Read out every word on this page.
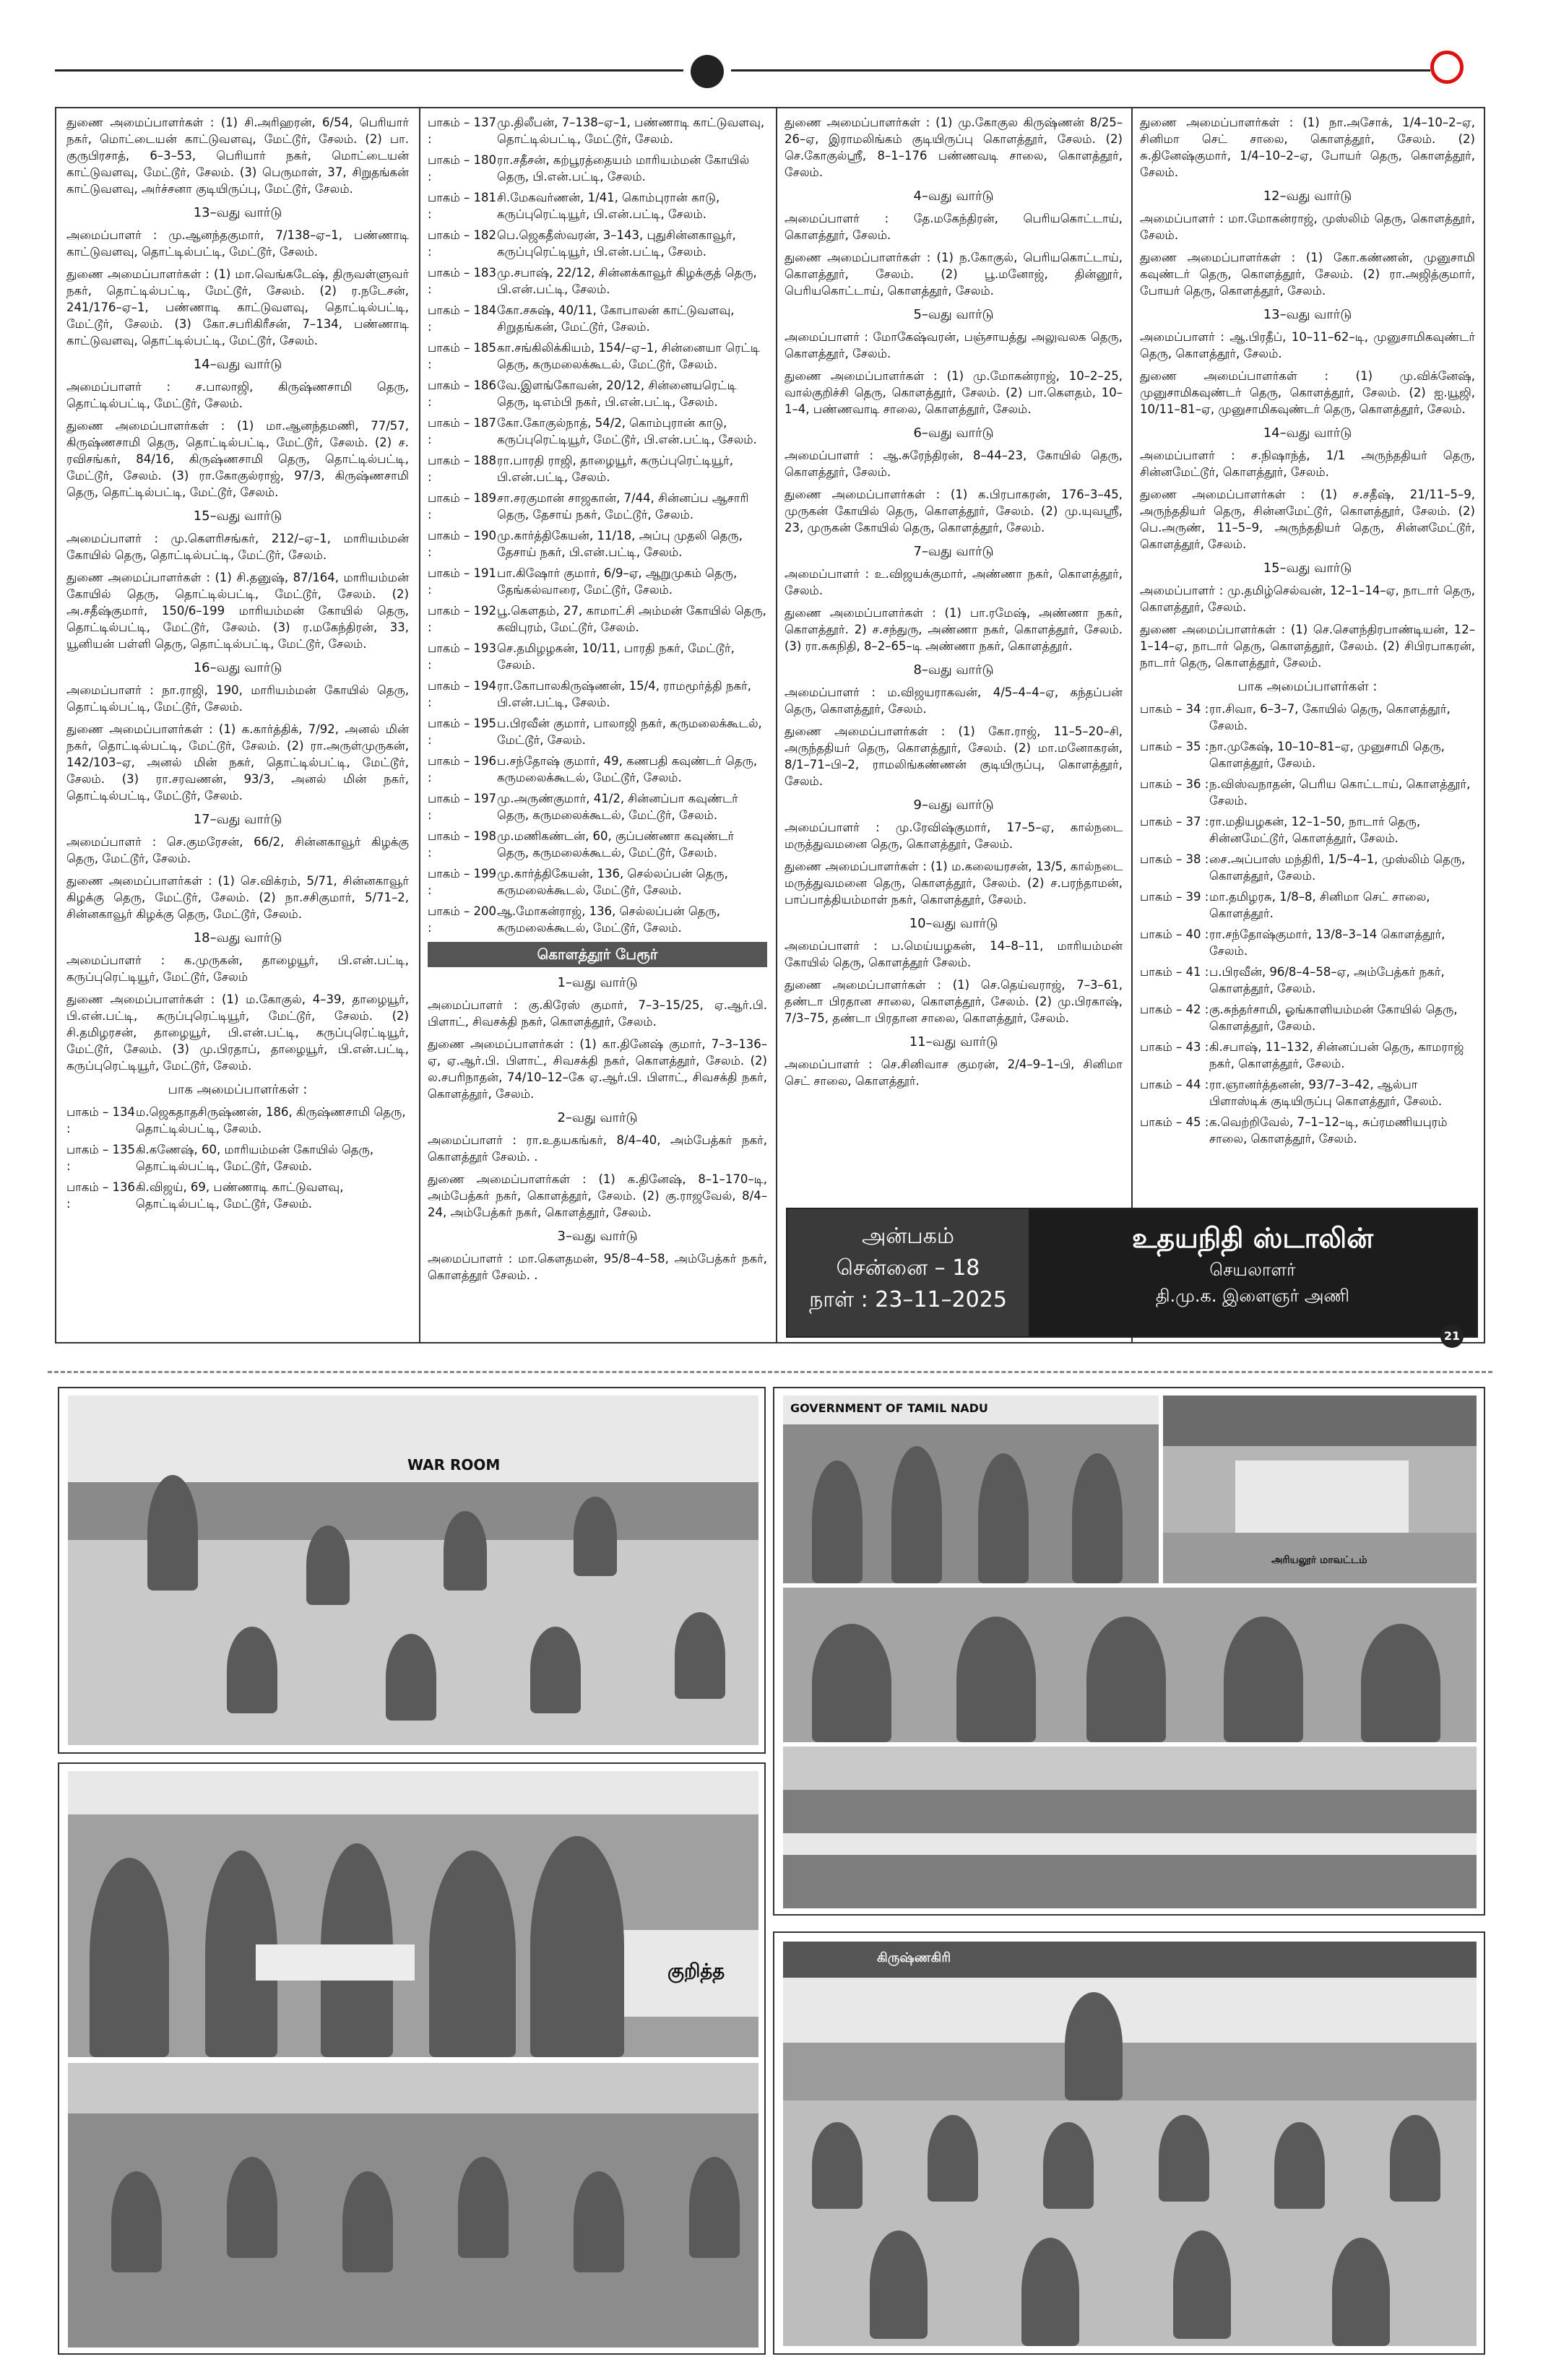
துணை அமைப்பாளர்கள் : (1) சி.அரிஹரன், 6/54, பெரியார் நகர், மொட்டையன் காட்டுவளவு, மேட்டூர், சேலம். (2) பா. குருபிரசாத், 6–3–53, பெரியார் நகர், மொட்டையன் காட்டுவளவு, மேட்டூர், சேலம். (3) பெருமாள், 37, சிறுதங்கன் காட்டுவளவு, அர்ச்சனா குடியிருப்பு, மேட்டூர், சேலம்.

13–வது வார்டு

அமைப்பாளர் : மு.ஆனந்தகுமார், 7/138–ஏ–1, பண்ணாடி காட்டுவளவு, தொட்டில்பட்டி, மேட்டூர், சேலம்.

துணை அமைப்பாளர்கள் : (1) மா.வெங்கடேஷ், திருவள்ளுவர் நகர், தொட்டில்பட்டி, மேட்டூர், சேலம். (2) ர.நடேசன், 241/176–ஏ–1, பண்ணாடி காட்டுவளவு, தொட்டில்பட்டி, மேட்டூர், சேலம். (3) கோ.சபரிகிரீசன், 7–134, பண்ணாடி காட்டுவளவு, தொட்டில்பட்டி, மேட்டூர், சேலம்.

14–வது வார்டு

அமைப்பாளர் : ச.பாலாஜி, கிருஷ்ணசாமி தெரு, தொட்டில்பட்டி, மேட்டூர், சேலம்.

துணை அமைப்பாளர்கள் : (1) மா.ஆனந்தமணி, 77/57, கிருஷ்ணசாமி தெரு, தொட்டில்பட்டி, மேட்டூர், சேலம். (2) ச. ரவிசங்கர், 84/16, கிருஷ்ணசாமி தெரு, தொட்டில்பட்டி, மேட்டூர், சேலம். (3) ரா.கோகுல்ராஜ், 97/3, கிருஷ்ணசாமி தெரு, தொட்டில்பட்டி, மேட்டூர், சேலம்.

15–வது வார்டு

அமைப்பாளர் : மு.கௌரிசங்கர், 212/–ஏ–1, மாரியம்மன் கோயில் தெரு, தொட்டில்பட்டி, மேட்டூர், சேலம்.

துணை அமைப்பாளர்கள் : (1) சி.தனுஷ், 87/164, மாரியம்மன் கோயில் தெரு, தொட்டில்பட்டி, மேட்டூர், சேலம். (2) அ.சதீஷ்குமார், 150/6–199 மாரியம்மன் கோயில் தெரு, தொட்டில்பட்டி, மேட்டூர், சேலம். (3) ர.மகேந்திரன், 33, யூனியன் பள்ளி தெரு, தொட்டில்பட்டி, மேட்டூர், சேலம்.

16–வது வார்டு

அமைப்பாளர் : நா.ராஜி, 190, மாரியம்மன் கோயில் தெரு, தொட்டில்பட்டி, மேட்டூர், சேலம்.

துணை அமைப்பாளர்கள் : (1) க.கார்த்திக், 7/92, அனல் மின் நகர், தொட்டில்பட்டி, மேட்டூர், சேலம். (2) ரா.அருள்முருகன், 142/103–ஏ, அனல் மின் நகர், தொட்டில்பட்டி, மேட்டூர், சேலம். (3) ரா.சரவணன், 93/3, அனல் மின் நகர், தொட்டில்பட்டி, மேட்டூர், சேலம்.

17–வது வார்டு

அமைப்பாளர் : செ.குமரேசன், 66/2, சின்னகாவூர் கிழக்கு தெரு, மேட்டூர், சேலம்.

துணை அமைப்பாளர்கள் : (1) செ.விக்ரம், 5/71, சின்னகாவூர் கிழக்கு தெரு, மேட்டூர், சேலம். (2) நா.சசிகுமார், 5/71–2, சின்னகாவூர் கிழக்கு தெரு, மேட்டூர், சேலம்.

18–வது வார்டு

அமைப்பாளர் : க.முருகன், தாழையூர், பி.என்.பட்டி, கருப்புரெட்டியூர், மேட்டூர், சேலம்

துணை அமைப்பாளர்கள் : (1) ம.கோகுல், 4–39, தாழையூர், பி.என்.பட்டி, கருப்புரெட்டியூர், மேட்டூர், சேலம். (2) சி.தமிழரசன், தாழையூர், பி.என்.பட்டி, கருப்புரெட்டியூர், மேட்டூர், சேலம். (3) மு.பிரதாப், தாழையூர், பி.என்.பட்டி, கருப்புரெட்டியூர், மேட்டூர், சேலம்.

பாக அமைப்பாளர்கள் :
பாகம் – 134 :
ம.ஜெகதாதசிருஷ்ணன், 186, கிருஷ்ணசாமி தெரு, தொட்டில்பட்டி, சேலம்.
பாகம் – 135 :
கி.கணேஷ், 60, மாரியம்மன் கோயில் தெரு, தொட்டில்பட்டி, மேட்டூர், சேலம்.
பாகம் – 136 :
கி.விஜய், 69, பண்ணாடி காட்டுவளவு, தொட்டில்பட்டி, மேட்டூர், சேலம்.
பாகம் – 137 :
மு.திலீபன், 7–138–ஏ–1, பண்ணாடி காட்டுவளவு, தொட்டில்பட்டி, மேட்டூர், சேலம்.
பாகம் – 180 :
ரா.சதீசன், கற்பூரத்தையம் மாரியம்மன் கோயில் தெரு, பி.என்.பட்டி, சேலம்.
பாகம் – 181 :
சி.மேகவர்ணன், 1/41, கொம்புரான் காடு, கருப்புரெட்டியூர், பி.என்.பட்டி, சேலம்.
பாகம் – 182 :
பெ.ஜெகதீஸ்வரன், 3–143, புதுசின்னகாவூர், கருப்புரெட்டியூர், பி.என்.பட்டி, சேலம்.
பாகம் – 183 :
மு.சபாஷ், 22/12, சின்னக்காவூர் கிழக்குத் தெரு, பி.என்.பட்டி, சேலம்.
பாகம் – 184 :
கோ.சசுஷ், 40/11, கோபாலன் காட்டுவளவு, சிறுதங்கன், மேட்டூர், சேலம்.
பாகம் – 185 :
கா.சங்கிலிக்கியம், 154/–ஏ–1, சின்னையா ரெட்டி தெரு, கருமலைக்கூடல், மேட்டூர், சேலம்.
பாகம் – 186 :
வே.இளங்கோவன், 20/12, சின்னையரெட்டி தெரு, டிஎம்பி நகர், பி.என்.பட்டி, சேலம்.
பாகம் – 187 :
கோ.கோகுல்நாத், 54/2, கொம்புரான் காடு, கருப்புரெட்டியூர், மேட்டூர், பி.என்.பட்டி, சேலம்.
பாகம் – 188 :
ரா.பாரதி ராஜி, தாழையூர், கருப்புரெட்டியூர், பி.என்.பட்டி, சேலம்.
பாகம் – 189 :
சா.சரகுமான் சாஜகான், 7/44, சின்னப்ப ஆசாரி தெரு, தேசாய் நகர், மேட்டூர், சேலம்.
பாகம் – 190 :
மு.கார்த்திகேயன், 11/18, அப்பு முதலி தெரு, தேசாய் நகர், பி.என்.பட்டி, சேலம்.
பாகம் – 191 :
பா.கிஷோர் குமார், 6/9–ஏ, ஆறுமுகம் தெரு, தேங்கல்வாரை, மேட்டூர், சேலம்.
பாகம் – 192 :
பூ.கௌதம், 27, காமாட்சி அம்மன் கோயில் தெரு, கவிபுரம், மேட்டூர், சேலம்.
பாகம் – 193 :
செ.தமிழழகன், 10/11, பாரதி நகர், மேட்டூர், சேலம்.
பாகம் – 194 :
ரா.கோபாலகிருஷ்ணன், 15/4, ராமமூர்த்தி நகர், பி.என்.பட்டி, சேலம்.
பாகம் – 195 :
ப.பிரவீன் குமார், பாலாஜி நகர், கருமலைக்கூடல், மேட்டூர், சேலம்.
பாகம் – 196 :
ப.சந்தோஷ் குமார், 49, கணபதி கவுண்டர் தெரு, கருமலைக்கூடல், மேட்டூர், சேலம்.
பாகம் – 197 :
மு.அருண்குமார், 41/2, சின்னப்பா கவுண்டர் தெரு, கருமலைக்கூடல், மேட்டூர், சேலம்.
பாகம் – 198 :
மு.மணிகண்டன், 60, குப்பண்ணா கவுண்டர் தெரு, கருமலைக்கூடல், மேட்டூர், சேலம்.
பாகம் – 199 :
மு.கார்த்திகேயன், 136, செல்லப்பன் தெரு, கருமலைக்கூடல், மேட்டூர், சேலம்.
பாகம் – 200 :
ஆ.மோகன்ராஜ், 136, செல்லப்பன் தெரு, கருமலைக்கூடல், மேட்டூர், சேலம்.
கொளத்தூர் பேரூர்
1–வது வார்டு

அமைப்பாளர் : கு.கிரேஸ் குமார், 7–3–15/25, ஏ.ஆர்.பி. பிளாட், சிவசக்தி நகர், கொளத்தூர், சேலம்.

துணை அமைப்பாளர்கள் : (1) கா.தினேஷ் குமார், 7–3–136–ஏ, ஏ.ஆர்.பி. பிளாட், சிவசக்தி நகர், கொளத்தூர், சேலம். (2) ல.சபரிநாதன், 74/10–12–கே ஏ.ஆர்.பி. பிளாட், சிவசக்தி நகர், கொளத்தூர், சேலம்.

2–வது வார்டு

அமைப்பாளர் : ரா.உதயகங்கர், 8/4–40, அம்பேத்கர் நகர், கொளத்தூர் சேலம். .

துணை அமைப்பாளர்கள் : (1) க.தினேஷ், 8–1–170–டி, அம்பேத்கர் நகர், கொளத்தூர், சேலம். (2) கு.ராஜவேல், 8/4–24, அம்பேத்கர் நகர், கொளத்தூர், சேலம்.

3–வது வார்டு

அமைப்பாளர் : மா.கௌதமன், 95/8–4–58, அம்பேத்கர் நகர், கொளத்தூர் சேலம். .

துணை அமைப்பாளர்கள் : (1) மு.கோகுல கிருஷ்ணன் 8/25–26–ஏ, இராமலிங்கம் குடியிருப்பு கொளத்தூர், சேலம். (2) செ.கோகுல்ஸ்ரீ, 8–1–176 பண்ணவடி சாலை, கொளத்தூர், சேலம்.

4–வது வார்டு

அமைப்பாளர் : தே.மகேந்திரன், பெரியகொட்டாய், கொளத்தூர், சேலம்.

துணை அமைப்பாளர்கள் : (1) ந.கோகுல், பெரியகொட்டாய், கொளத்தூர், சேலம். (2) பூ.மனோஜ், தின்னூர், பெரியகொட்டாய், கொளத்தூர், சேலம்.

5–வது வார்டு

அமைப்பாளர் : மோகேஷ்வரன், பஞ்சாயத்து அலுவலக தெரு, கொளத்தூர், சேலம்.

துணை அமைப்பாளர்கள் : (1) மு.மோகன்ராஜ், 10–2–25, வால்குறிச்சி தெரு, கொளத்தூர், சேலம். (2) பா.கௌதம், 10–1–4, பண்ணவாடி சாலை, கொளத்தூர், சேலம்.

6–வது வார்டு

அமைப்பாளர் : ஆ.சுரேந்திரன், 8–44–23, கோயில் தெரு, கொளத்தூர், சேலம்.

துணை அமைப்பாளர்கள் : (1) க.பிரபாகரன், 176–3–45, முருகன் கோயில் தெரு, கொளத்தூர், சேலம். (2) மு.யுவஸ்ரீ, 23, முருகன் கோயில் தெரு, கொளத்தூர், சேலம்.

7–வது வார்டு

அமைப்பாளர் : உ.விஜயக்குமார், அண்ணா நகர், கொளத்தூர், சேலம்.

துணை அமைப்பாளர்கள் : (1) பா.ரமேஷ், அண்ணா நகர், கொளத்தூர். 2) ச.சந்துரு, அண்ணா நகர், கொளத்தூர், சேலம். (3) ரா.சுகநிதி, 8–2–65–டி அண்ணா நகர், கொளத்தூர்.

8–வது வார்டு

அமைப்பாளர் : ம.விஜயராகவன், 4/5–4–4–ஏ, கந்தப்பன் தெரு, கொளத்தூர், சேலம்.

துணை அமைப்பாளர்கள் : (1) கோ.ராஜ், 11–5–20–சி, அருந்ததியர் தெரு, கொளத்தூர், சேலம். (2) மா.மனோகரன், 8/1–71–பி–2, ராமலிங்கண்ணன் குடியிருப்பு, கொளத்தூர், சேலம்.

9–வது வார்டு

அமைப்பாளர் : மு.ரேவிஷ்குமார், 17–5–ஏ, கால்நடை மருத்துவமனை தெரு, கொளத்தூர், சேலம்.

துணை அமைப்பாளர்கள் : (1) ம.கலையரசன், 13/5, கால்நடை மருத்துவமனை தெரு, கொளத்தூர், சேலம். (2) ச.பரந்தாமன், பாப்பாத்தியம்மாள் நகர், கொளத்தூர், சேலம்.

10–வது வார்டு

அமைப்பாளர் : ப.மெய்யழகன், 14–8–11, மாரியம்மன் கோயில் தெரு, கொளத்தூர் சேலம்.

துணை அமைப்பாளர்கள் : (1) செ.தெய்வராஜ், 7–3–61, தண்டா பிரதான சாலை, கொளத்தூர், சேலம். (2) மு.பிரகாஷ், 7/3–75, தண்டா பிரதான சாலை, கொளத்தூர், சேலம்.

11–வது வார்டு

அமைப்பாளர் : செ.சினிவாச குமரன், 2/4–9–1–பி, சினிமா செட் சாலை, கொளத்தூர்.

துணை அமைப்பாளர்கள் : (1) நா.அசோக், 1/4–10–2–ஏ, சினிமா செட் சாலை, கொளத்தூர், சேலம். (2) சு.தினேஷ்குமார், 1/4–10–2–ஏ, போயர் தெரு, கொளத்தூர், சேலம்.

12–வது வார்டு

அமைப்பாளர் : மா.மோகன்ராஜ், முஸ்லிம் தெரு, கொளத்தூர், சேலம்.

துணை அமைப்பாளர்கள் : (1) கோ.கண்ணன், முனுசாமி கவுண்டர் தெரு, கொளத்தூர், சேலம். (2) ரா.அஜித்குமார், போயர் தெரு, கொளத்தூர், சேலம்.

13–வது வார்டு

அமைப்பாளர் : ஆ.பிரதீப், 10–11–62–டி, முனுசாமிகவுண்டர் தெரு, கொளத்தூர், சேலம்.

துணை அமைப்பாளர்கள் : (1) மு.விக்னேஷ், முனுசாமிகவுண்டர் தெரு, கொளத்தூர், சேலம். (2) ஐ.யூஜி, 10/11–81–ஏ, முனுசாமிகவுண்டர் தெரு, கொளத்தூர், சேலம்.

14–வது வார்டு

அமைப்பாளர் : ச.நிஷாந்த், 1/1 அருந்ததியர் தெரு, சின்னமேட்டூர், கொளத்தூர், சேலம்.

துணை அமைப்பாளர்கள் : (1) ச.சதீஷ், 21/11–5–9, அருந்ததியர் தெரு, சின்னமேட்டூர், கொளத்தூர், சேலம். (2) பெ.அருண், 11–5–9, அருந்ததியர் தெரு, சின்னமேட்டூர், கொளத்தூர், சேலம்.

15–வது வார்டு

அமைப்பாளர் : மு.தமிழ்செல்வன், 12–1–14–ஏ, நாடார் தெரு, கொளத்தூர், சேலம்.

துணை அமைப்பாளர்கள் : (1) செ.சௌந்திரபாண்டியன், 12–1–14–ஏ, நாடார் தெரு, கொளத்தூர், சேலம். (2) சிபிரபாகரன், நாடார் தெரு, கொளத்தூர், சேலம்.

பாக அமைப்பாளர்கள் :
பாகம் – 34 : ரா.சிவா, 6–3–7, கோயில் தெரு, கொளத்தூர், சேலம்.
பாகம் – 35 : நா.முகேஷ், 10–10–81–ஏ, முனுசாமி தெரு, கொளத்தூர், சேலம்.
பாகம் – 36 : ந.விஸ்வநாதன், பெரிய கொட்டாய், கொளத்தூர், சேலம்.
பாகம் – 37 : ரா.மதியழகன், 12–1–50, நாடார் தெரு, சின்னமேட்டூர், கொளத்தூர், சேலம்.
பாகம் – 38 : சை.அப்பாஸ் மந்திரி, 1/5–4–1, முஸ்லிம் தெரு, கொளத்தூர், சேலம்.
பாகம் – 39 : மா.தமிழரசு, 1/8–8, சினிமா செட் சாலை, கொளத்தூர்.
பாகம் – 40 : ரா.சந்தோஷ்குமார், 13/8–3–14 கொளத்தூர், சேலம்.
பாகம் – 41 : ப.பிரவீன், 96/8–4–58–ஏ, அம்பேத்கர் நகர், கொளத்தூர், சேலம்.
பாகம் – 42 : கு.சுந்தர்சாமி, ஓங்காளியம்மன் கோயில் தெரு, கொளத்தூர், சேலம்.
பாகம் – 43 : கி.சபாஷ், 11–132, சின்னப்பன் தெரு, காமராஜ் நகர், கொளத்தூர், சேலம்.
பாகம் – 44 : ரா.ஞானர்த்தனன், 93/7–3–42, ஆல்பா பிளாஸ்டிக் குடியிருப்பு கொளத்தூர், சேலம்.
பாகம் – 45 : க.வெற்றிவேல், 7–1–12–டி, சுப்ரமணியபுரம் சாலை, கொளத்தூர், சேலம்.
அன்பகம்
சென்னை – 18
நாள் : 23–11–2025
உதயநிதி ஸ்டாலின்
செயலாளர்
தி.மு.க. இளைஞர் அணி
21
WAR ROOM
GOVERNMENT OF TAMIL NADU
அரியலூர் மாவட்டம்
குறித்த
கிருஷ்ணகிரி
